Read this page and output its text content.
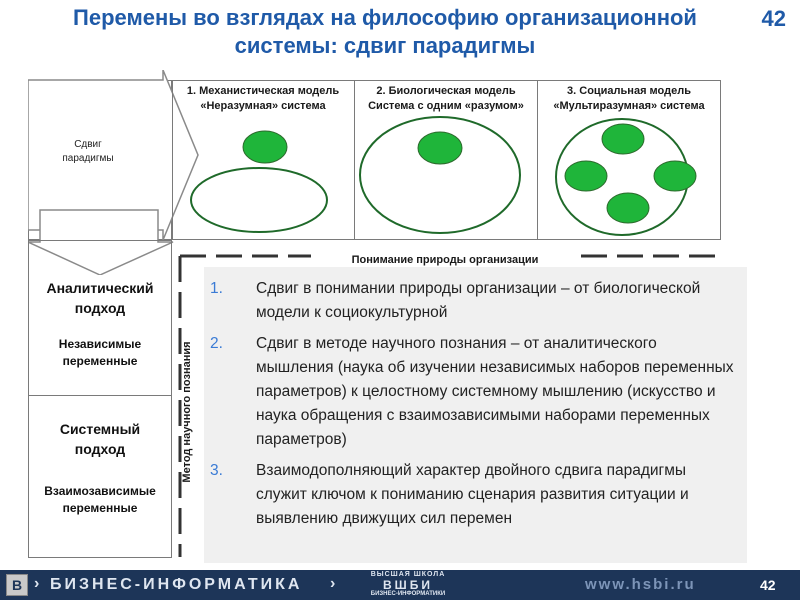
Перемены во взглядах на философию организационной системы: сдвиг парадигмы
42
Сдвиг парадигмы
1. Механистическая модель «Неразумная» система
2. Биологическая модель Система с одним «разумом»
3. Социальная модель «Мультиразумная» система
Аналитический подход
Независимые переменные
Системный подход
Взаимозависимые переменные
Понимание природы организации
Метод научного познания
1. Сдвиг в понимании природы организации – от биологической модели к социокультурной
2. Сдвиг в методе научного познания – от аналитического мышления (наука об изучении независимых наборов переменных параметров) к целостному системному мышлению (искусство и наука обращения с взаимозависимыми наборами переменных параметров)
3. Взаимодополняющий характер двойного сдвига парадигмы служит ключом к пониманию сценария развития ситуации и выявлению движущих сил перемен
В › БИЗНЕС-ИНФОРМАТИКА ›
ВЫСШАЯ ШКОЛА
ВШБИ
БИЗНЕС-ИНФОРМАТИКИ
www.hsbi.ru	42
